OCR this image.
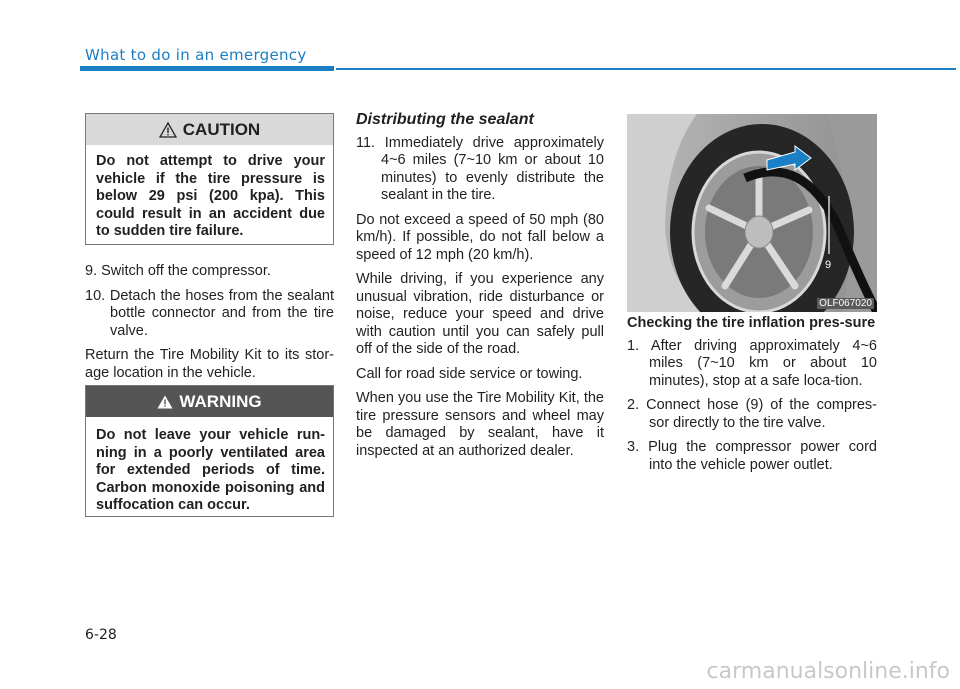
What to do in an emergency
CAUTION
Do not attempt to drive your vehicle if the tire pressure is below 29 psi (200 kpa). This could result in an accident due to sudden tire failure.
9. Switch off the compressor.
10. Detach the hoses from the sealant bottle connector and from the tire valve.

Return the Tire Mobility Kit to its stor-age location in the vehicle.

WARNING
Do not leave your vehicle run-ning in a poorly ventilated area for extended periods of time. Carbon monoxide poisoning and suffocation can occur.
Distributing the sealant
11. Immediately drive approximately 4~6 miles (7~10 km or about 10 minutes) to evenly distribute the sealant in the tire.

Do not exceed a speed of 50 mph (80 km/h). If possible, do not fall below a speed of 12 mph (20 km/h).

While driving, if you experience any unusual vibration, ride disturbance or noise, reduce your speed and drive with caution until you can safely pull off of the side of the road.

Call for road side service or towing.

When you use the Tire Mobility Kit, the tire pressure sensors and wheel may be damaged by sealant, have it inspected at an authorized dealer.

9
OLF067020
Checking the tire inflation pres-sure
1. After driving approximately 4~6 miles (7~10 km or about 10 minutes), stop at a safe loca-tion.
2. Connect hose (9) of the compres-sor directly to the tire valve.
3. Plug the compressor power cord into the vehicle power outlet.
6-28
carmanualsonline.info
